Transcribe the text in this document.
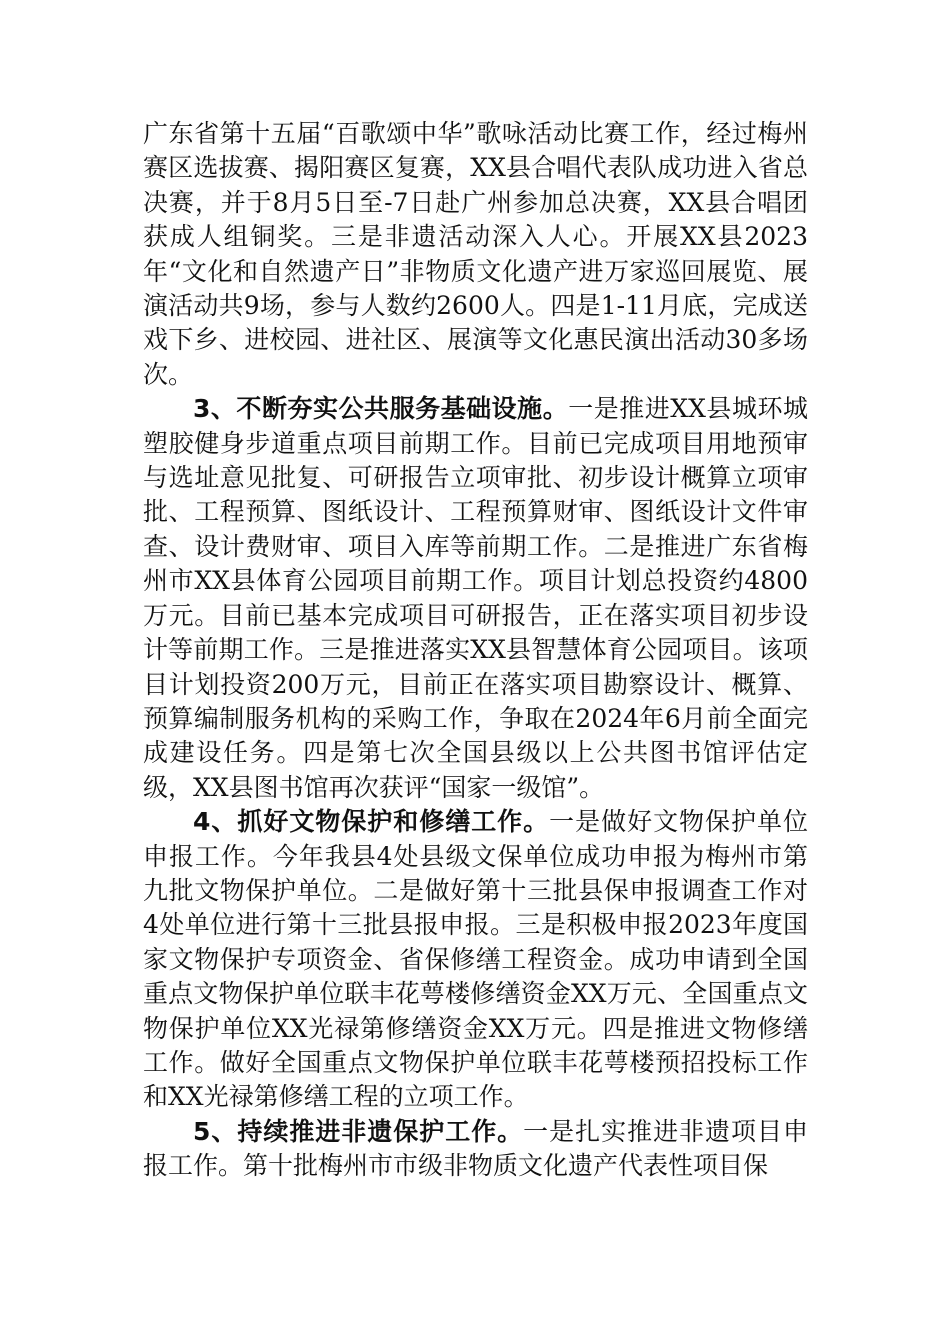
广东省第十五届“百歌颂中华”歌咏活动比赛工作，经过梅州赛区选拔赛、揭阳赛区复赛，XX县合唱代表队成功进入省总决赛，并于8月5日至-7日赴广州参加总决赛，XX县合唱团获成人组铜奖。三是非遗活动深入人心。开展XX县2023年“文化和自然遗产日”非物质文化遗产进万家巡回展览、展演活动共9场，参与人数约2600人。四是1-11月底，完成送戏下乡、进校园、进社区、展演等文化惠民演出活动30多场次。

3、不断夯实公共服务基础设施。一是推进XX县城环城塑胶健身步道重点项目前期工作。目前已完成项目用地预审与选址意见批复、可研报告立项审批、初步设计概算立项审批、工程预算、图纸设计、工程预算财审、图纸设计文件审查、设计费财审、项目入库等前期工作。二是推进广东省梅州市XX县体育公园项目前期工作。项目计划总投资约4800万元。目前已基本完成项目可研报告，正在落实项目初步设计等前期工作。三是推进落实XX县智慧体育公园项目。该项目计划投资200万元，目前正在落实项目勘察设计、概算、预算编制服务机构的采购工作，争取在2024年6月前全面完成建设任务。四是第七次全国县级以上公共图书馆评估定级，XX县图书馆再次获评“国家一级馆”。

4、抓好文物保护和修缮工作。一是做好文物保护单位申报工作。今年我县4处县级文保单位成功申报为梅州市第九批文物保护单位。二是做好第十三批县保申报调查工作对4处单位进行第十三批县报申报。三是积极申报2023年度国家文物保护专项资金、省保修缮工程资金。成功申请到全国重点文物保护单位联丰花萼楼修缮资金XX万元、全国重点文物保护单位XX光禄第修缮资金XX万元。四是推进文物修缮工作。做好全国重点文物保护单位联丰花萼楼预招投标工作和XX光禄第修缮工程的立项工作。

5、持续推进非遗保护工作。一是扎实推进非遗项目申报工作。第十批梅州市市级非物质文化遗产代表性项目保
